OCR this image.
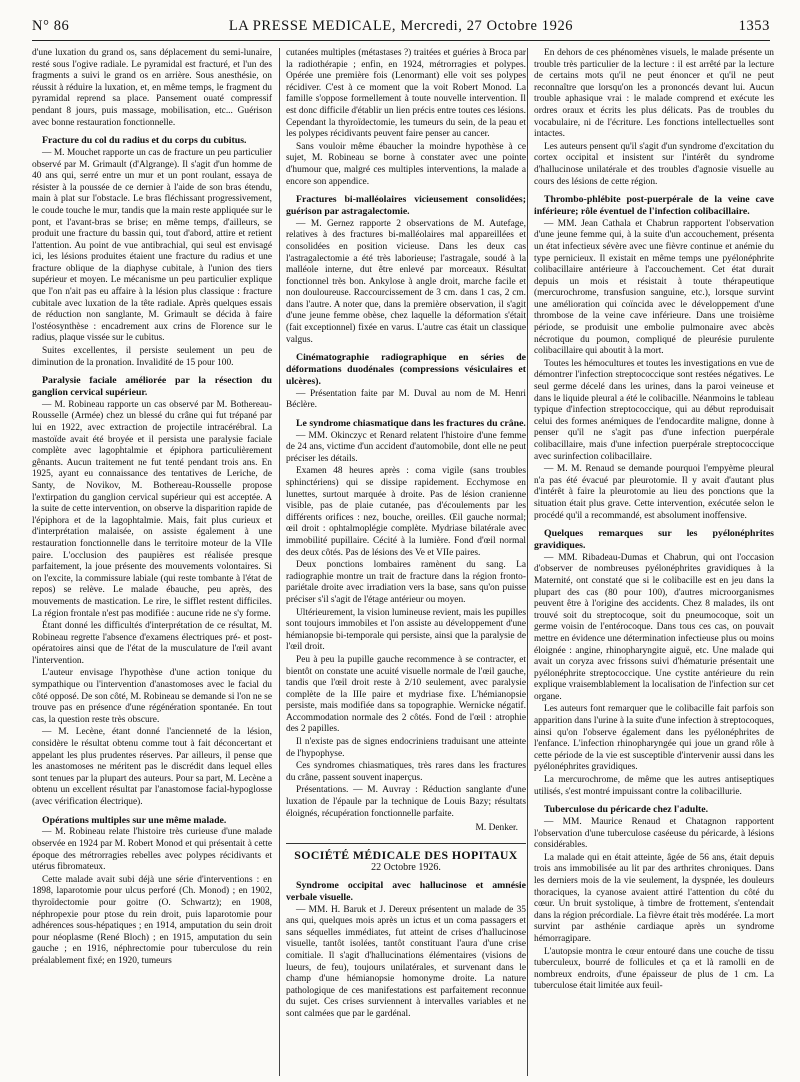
N° 86	LA PRESSE MEDICALE, Mercredi, 27 Octobre 1926	1353

d'une luxation du grand os, sans déplacement du semi-lunaire, resté sous l'ogive radiale. Le pyramidal est fracturé, et l'un des fragments a suivi le grand os en arrière. Sous anesthésie, on réussit à réduire la luxation, et, en même temps, le fragment du pyramidal reprend sa place. Pansement ouaté compressif pendant 8 jours, puis massage, mobilisation, etc... Guérison avec bonne restauration fonctionnelle.

Fracture du col du radius et du corps du cubitus.

— M. Mouchet rapporte un cas de fracture un peu particulier observé par M. Grimault (d'Algrange). Il s'agit d'un homme de 40 ans qui, serré entre un mur et un pont roulant, essaya de résister à la poussée de ce dernier à l'aide de son bras étendu, main à plat sur l'obstacle. Le bras fléchissant progressivement, le coude touche le mur, tandis que la main reste appliquée sur le pont, et l'avant-bras se brise; en même temps, d'ailleurs, se produit une fracture du bassin qui, tout d'abord, attire et retient l'attention. Au point de vue antibrachial, qui seul est envisagé ici, les lésions produites étaient une fracture du radius et une fracture oblique de la diaphyse cubitale, à l'union des tiers supérieur et moyen. Le mécanisme un peu particulier explique que l'on n'ait pas eu affaire à la lésion plus classique : fracture cubitale avec luxation de la tête radiale. Après quelques essais de réduction non sanglante, M. Grimault se décida à faire l'ostéosynthèse : encadrement aux crins de Florence sur le radius, plaque vissée sur le cubitus.

Suites excellentes, il persiste seulement un peu de diminution de la pronation. Invalidité de 15 pour 100.

Paralysie faciale améliorée par la résection du ganglion cervical supérieur.

— M. Robineau rapporte un cas observé par M. Bothereau-Rousselle (Armée) chez un blessé du crâne qui fut trépané par lui en 1922, avec extraction de projectile intracérébral. La mastoïde avait été broyée et il persista une paralysie faciale complète avec lagophtalmie et épiphora particulièrement gênants. Aucun traitement ne fut tenté pendant trois ans. En 1925, ayant eu connaissance des tentatives de Leriche, de Santy, de Novikov, M. Bothereau-Rousselle propose l'extirpation du ganglion cervical supérieur qui est acceptée. A la suite de cette intervention, on observe la disparition rapide de l'épiphora et de la lagophtalmie. Mais, fait plus curieux et d'interprétation malaisée, on assiste également à une restauration fonctionnelle dans le territoire moteur de la VIIe paire. L'occlusion des paupières est réalisée presque parfaitement, la joue présente des mouvements volontaires. Si on l'excite, la commissure labiale (qui reste tombante à l'état de repos) se relève. Le malade ébauche, peu après, des mouvements de mastication. Le rire, le sifflet restent difficiles. La région frontale n'est pas modifiée : aucune ride ne s'y forme.

Étant donné les difficultés d'interprétation de ce résultat, M. Robineau regrette l'absence d'examens électriques pré- et post-opératoires ainsi que de l'état de la musculature de l'œil avant l'intervention.

L'auteur envisage l'hypothèse d'une action tonique du sympathique ou l'intervention d'anastomoses avec le facial du côté opposé. De son côté, M. Robineau se demande si l'on ne se trouve pas en présence d'une régénération spontanée. En tout cas, la question reste très obscure.

— M. Lecène, étant donné l'ancienneté de la lésion, considère le résultat obtenu comme tout à fait déconcertant et appelant les plus prudentes réserves. Par ailleurs, il pense que les anastomoses ne méritent pas le discrédit dans lequel elles sont tenues par la plupart des auteurs. Pour sa part, M. Lecène a obtenu un excellent résultat par l'anastomose facial-hypoglosse (avec vérification électrique).

Opérations multiples sur une même malade.

— M. Robineau relate l'histoire très curieuse d'une malade observée en 1924 par M. Robert Monod et qui présentait à cette époque des métrorragies rebelles avec polypes récidivants et utérus fibromateux.

Cette malade avait subi déjà une série d'interventions : en 1898, laparotomie pour ulcus perforé (Ch. Monod) ; en 1902, thyroïdectomie pour goitre (O. Schwartz); en 1908, néphropexie pour ptose du rein droit, puis laparotomie pour adhérences sous-hépatiques ; en 1914, amputation du sein droit pour néoplasme (René Bloch) ; en 1915, amputation du sein gauche ; en 1916, néphrectomie pour tuberculose du rein préalablement fixé; en 1920, tumeurs

cutanées multiples (métastases ?) traitées et guéries à Broca par la radiothérapie ; enfin, en 1924, métrorragies et polypes. Opérée une première fois (Lenormant) elle voit ses polypes récidiver. C'est à ce moment que la voit Robert Monod. La famille s'oppose formellement à toute nouvelle intervention. Il est donc difficile d'établir un lien précis entre toutes ces lésions. Cependant la thyroïdectomie, les tumeurs du sein, de la peau et les polypes récidivants peuvent faire penser au cancer.

Sans vouloir même ébaucher la moindre hypothèse à ce sujet, M. Robineau se borne à constater avec une pointe d'humour que, malgré ces multiples interventions, la malade a encore son appendice.

Fractures bi-malléolaires vicieusement consolidées; guérison par astragalectomie.

— M. Gernez rapporte 2 observations de M. Autefage, relatives à des fractures bi-malléolaires mal appareillées et consolidées en position vicieuse. Dans les deux cas l'astragalectomie a été très laborieuse; l'astragale, soudé à la malléole interne, dut être enlevé par morceaux. Résultat fonctionnel très bon. Ankylose à angle droit, marche facile et non douloureuse. Raccourcissement de 3 cm. dans 1 cas, 2 cm. dans l'autre. A noter que, dans la première observation, il s'agit d'une jeune femme obèse, chez laquelle la déformation s'était (fait exceptionnel) fixée en varus. L'autre cas était un classique valgus.

Cinématographie radiographique en séries de déformations duodénales (compressions vésiculaires et ulcères).

— Présentation faite par M. Duval au nom de M. Henri Béclère.

Le syndrome chiasmatique dans les fractures du crâne.

— MM. Okinczyc et Renard relatent l'histoire d'une femme de 24 ans, victime d'un accident d'automobile, dont elle ne peut préciser les détails.

Examen 48 heures après : coma vigile (sans troubles sphinctériens) qui se dissipe rapidement. Ecchymose en lunettes, surtout marquée à droite. Pas de lésion cranienne visible, pas de plaie cutanée, pas d'écoulements par les différents orifices : nez, bouche, oreilles. Œil gauche normal; œil droit : ophtalmoplégie complète. Mydriase bilatérale avec immobilité pupillaire. Cécité à la lumière. Fond d'œil normal des deux côtés. Pas de lésions des Ve et VIIe paires.

Deux ponctions lombaires ramènent du sang. La radiographie montre un trait de fracture dans la région fronto-pariétale droite avec irradiation vers la base, sans qu'on puisse préciser s'il s'agit de l'étage antérieur ou moyen.

Ultérieurement, la vision lumineuse revient, mais les pupilles sont toujours immobiles et l'on assiste au développement d'une hémianopsie bi-temporale qui persiste, ainsi que la paralysie de l'œil droit.

Peu à peu la pupille gauche recommence à se contracter, et bientôt on constate une acuité visuelle normale de l'œil gauche, tandis que l'œil droit reste à 2/10 seulement, avec paralysie complète de la IIIe paire et mydriase fixe. L'hémianopsie persiste, mais modifiée dans sa topographie. Wernicke négatif. Accommodation normale des 2 côtés. Fond de l'œil : atrophie des 2 papilles.

Il n'existe pas de signes endocriniens traduisant une atteinte de l'hypophyse.

Ces syndromes chiasmatiques, très rares dans les fractures du crâne, passent souvent inaperçus.

Présentations. — M. Auvray : Réduction sanglante d'une luxation de l'épaule par la technique de Louis Bazy; résultats éloignés, récupération fonctionnelle parfaite.

M. Denker.
SOCIÉTÉ MÉDICALE DES HOPITAUX
22 Octobre 1926.
Syndrome occipital avec hallucinose et amnésie verbale visuelle.

— MM. H. Baruk et J. Dereux présentent un malade de 35 ans qui, quelques mois après un ictus et un coma passagers et sans séquelles immédiates, fut atteint de crises d'hallucinose visuelle, tantôt isolées, tantôt constituant l'aura d'une crise comitiale. Il s'agit d'hallucinations élémentaires (visions de lueurs, de feu), toujours unilatérales, et survenant dans le champ d'une hémianopsie homonyme droite. La nature pathologique de ces manifestations est parfaitement reconnue du sujet. Ces crises surviennent à intervalles variables et ne sont calmées que par le gardénal.

En dehors de ces phénomènes visuels, le malade présente un trouble très particulier de la lecture : il est arrêté par la lecture de certains mots qu'il ne peut énoncer et qu'il ne peut reconnaître que lorsqu'on les a prononcés devant lui. Aucun trouble aphasique vrai : le malade comprend et exécute les ordres oraux et écrits les plus délicats. Pas de troubles du vocabulaire, ni de l'écriture. Les fonctions intellectuelles sont intactes.

Les auteurs pensent qu'il s'agit d'un syndrome d'excitation du cortex occipital et insistent sur l'intérêt du syndrome d'hallucinose unilatérale et des troubles d'agnosie visuelle au cours des lésions de cette région.

Thrombo-phlébite post-puerpérale de la veine cave inférieure; rôle éventuel de l'infection colibacillaire.

— MM. Jean Cathala et Chabrun rapportent l'observation d'une jeune femme qui, à la suite d'un accouchement, présenta un état infectieux sévère avec une fièvre continue et anémie du type pernicieux. Il existait en même temps une pyélonéphrite colibacillaire antérieure à l'accouchement. Cet état durait depuis un mois et résistait à toute thérapeutique (mercurochrome, transfusion sanguine, etc.), lorsque survint une amélioration qui coïncida avec le développement d'une thrombose de la veine cave inférieure. Dans une troisième période, se produisit une embolie pulmonaire avec abcès nécrotique du poumon, compliqué de pleurésie purulente colibacillaire qui aboutit à la mort.

Toutes les hémocultures et toutes les investigations en vue de démontrer l'infection streptococcique sont restées négatives. Le seul germe décelé dans les urines, dans la paroi veineuse et dans le liquide pleural a été le colibacille. Néanmoins le tableau typique d'infection streptococcique, qui au début reproduisait celui des formes anémiques de l'endocardite maligne, donne à penser qu'il ne s'agit pas d'une infection puerpérale colibacillaire, mais d'une infection puerpérale streptococcique avec surinfection colibacillaire.

— M. M. Renaud se demande pourquoi l'empyème pleural n'a pas été évacué par pleurotomie. Il y avait d'autant plus d'intérêt à faire la pleurotomie au lieu des ponctions que la situation était plus grave. Cette intervention, exécutée selon le procédé qu'il a recommandé, est absolument inoffensive.

Quelques remarques sur les pyélonéphrites gravidiques.

— MM. Ribadeau-Dumas et Chabrun, qui ont l'occasion d'observer de nombreuses pyélonéphrites gravidiques à la Maternité, ont constaté que si le colibacille est en jeu dans la plupart des cas (80 pour 100), d'autres microorganismes peuvent être à l'origine des accidents. Chez 8 malades, ils ont trouvé soit du streptocoque, soit du pneumocoque, soit un germe voisin de l'entérocoque. Dans tous ces cas, on pouvait mettre en évidence une détermination infectieuse plus ou moins éloignée : angine, rhinopharyngite aiguë, etc. Une malade qui avait un coryza avec frissons suivi d'hématurie présentait une pyélonéphrite streptococcique. Une cystite antérieure du rein explique vraisemblablement la localisation de l'infection sur cet organe.

Les auteurs font remarquer que le colibacille fait parfois son apparition dans l'urine à la suite d'une infection à streptocoques, ainsi qu'on l'observe également dans les pyélonéphrites de l'enfance. L'infection rhinopharyngée qui joue un grand rôle à cette période de la vie est susceptible d'intervenir aussi dans les pyélonéphrites gravidiques.

La mercurochrome, de même que les autres antiseptiques utilisés, s'est montré impuissant contre la colibacillurie.

Tuberculose du péricarde chez l'adulte.

— MM. Maurice Renaud et Chatagnon rapportent l'observation d'une tuberculose caséeuse du péricarde, à lésions considérables.

La malade qui en était atteinte, âgée de 56 ans, était depuis trois ans immobilisée au lit par des arthrites chroniques. Dans les derniers mois de la vie seulement, la dyspnée, les douleurs thoraciques, la cyanose avaient attiré l'attention du côté du cœur. Un bruit systolique, à timbre de frottement, s'entendait dans la région précordiale. La fièvre était très modérée. La mort survint par asthénie cardiaque après un syndrome hémorragipare.

L'autopsie montra le cœur entouré dans une couche de tissu tuberculeux, bourré de follicules et ça et là ramolli en de nombreux endroits, d'une épaisseur de plus de 1 cm. La tuberculose était limitée aux feuil-
